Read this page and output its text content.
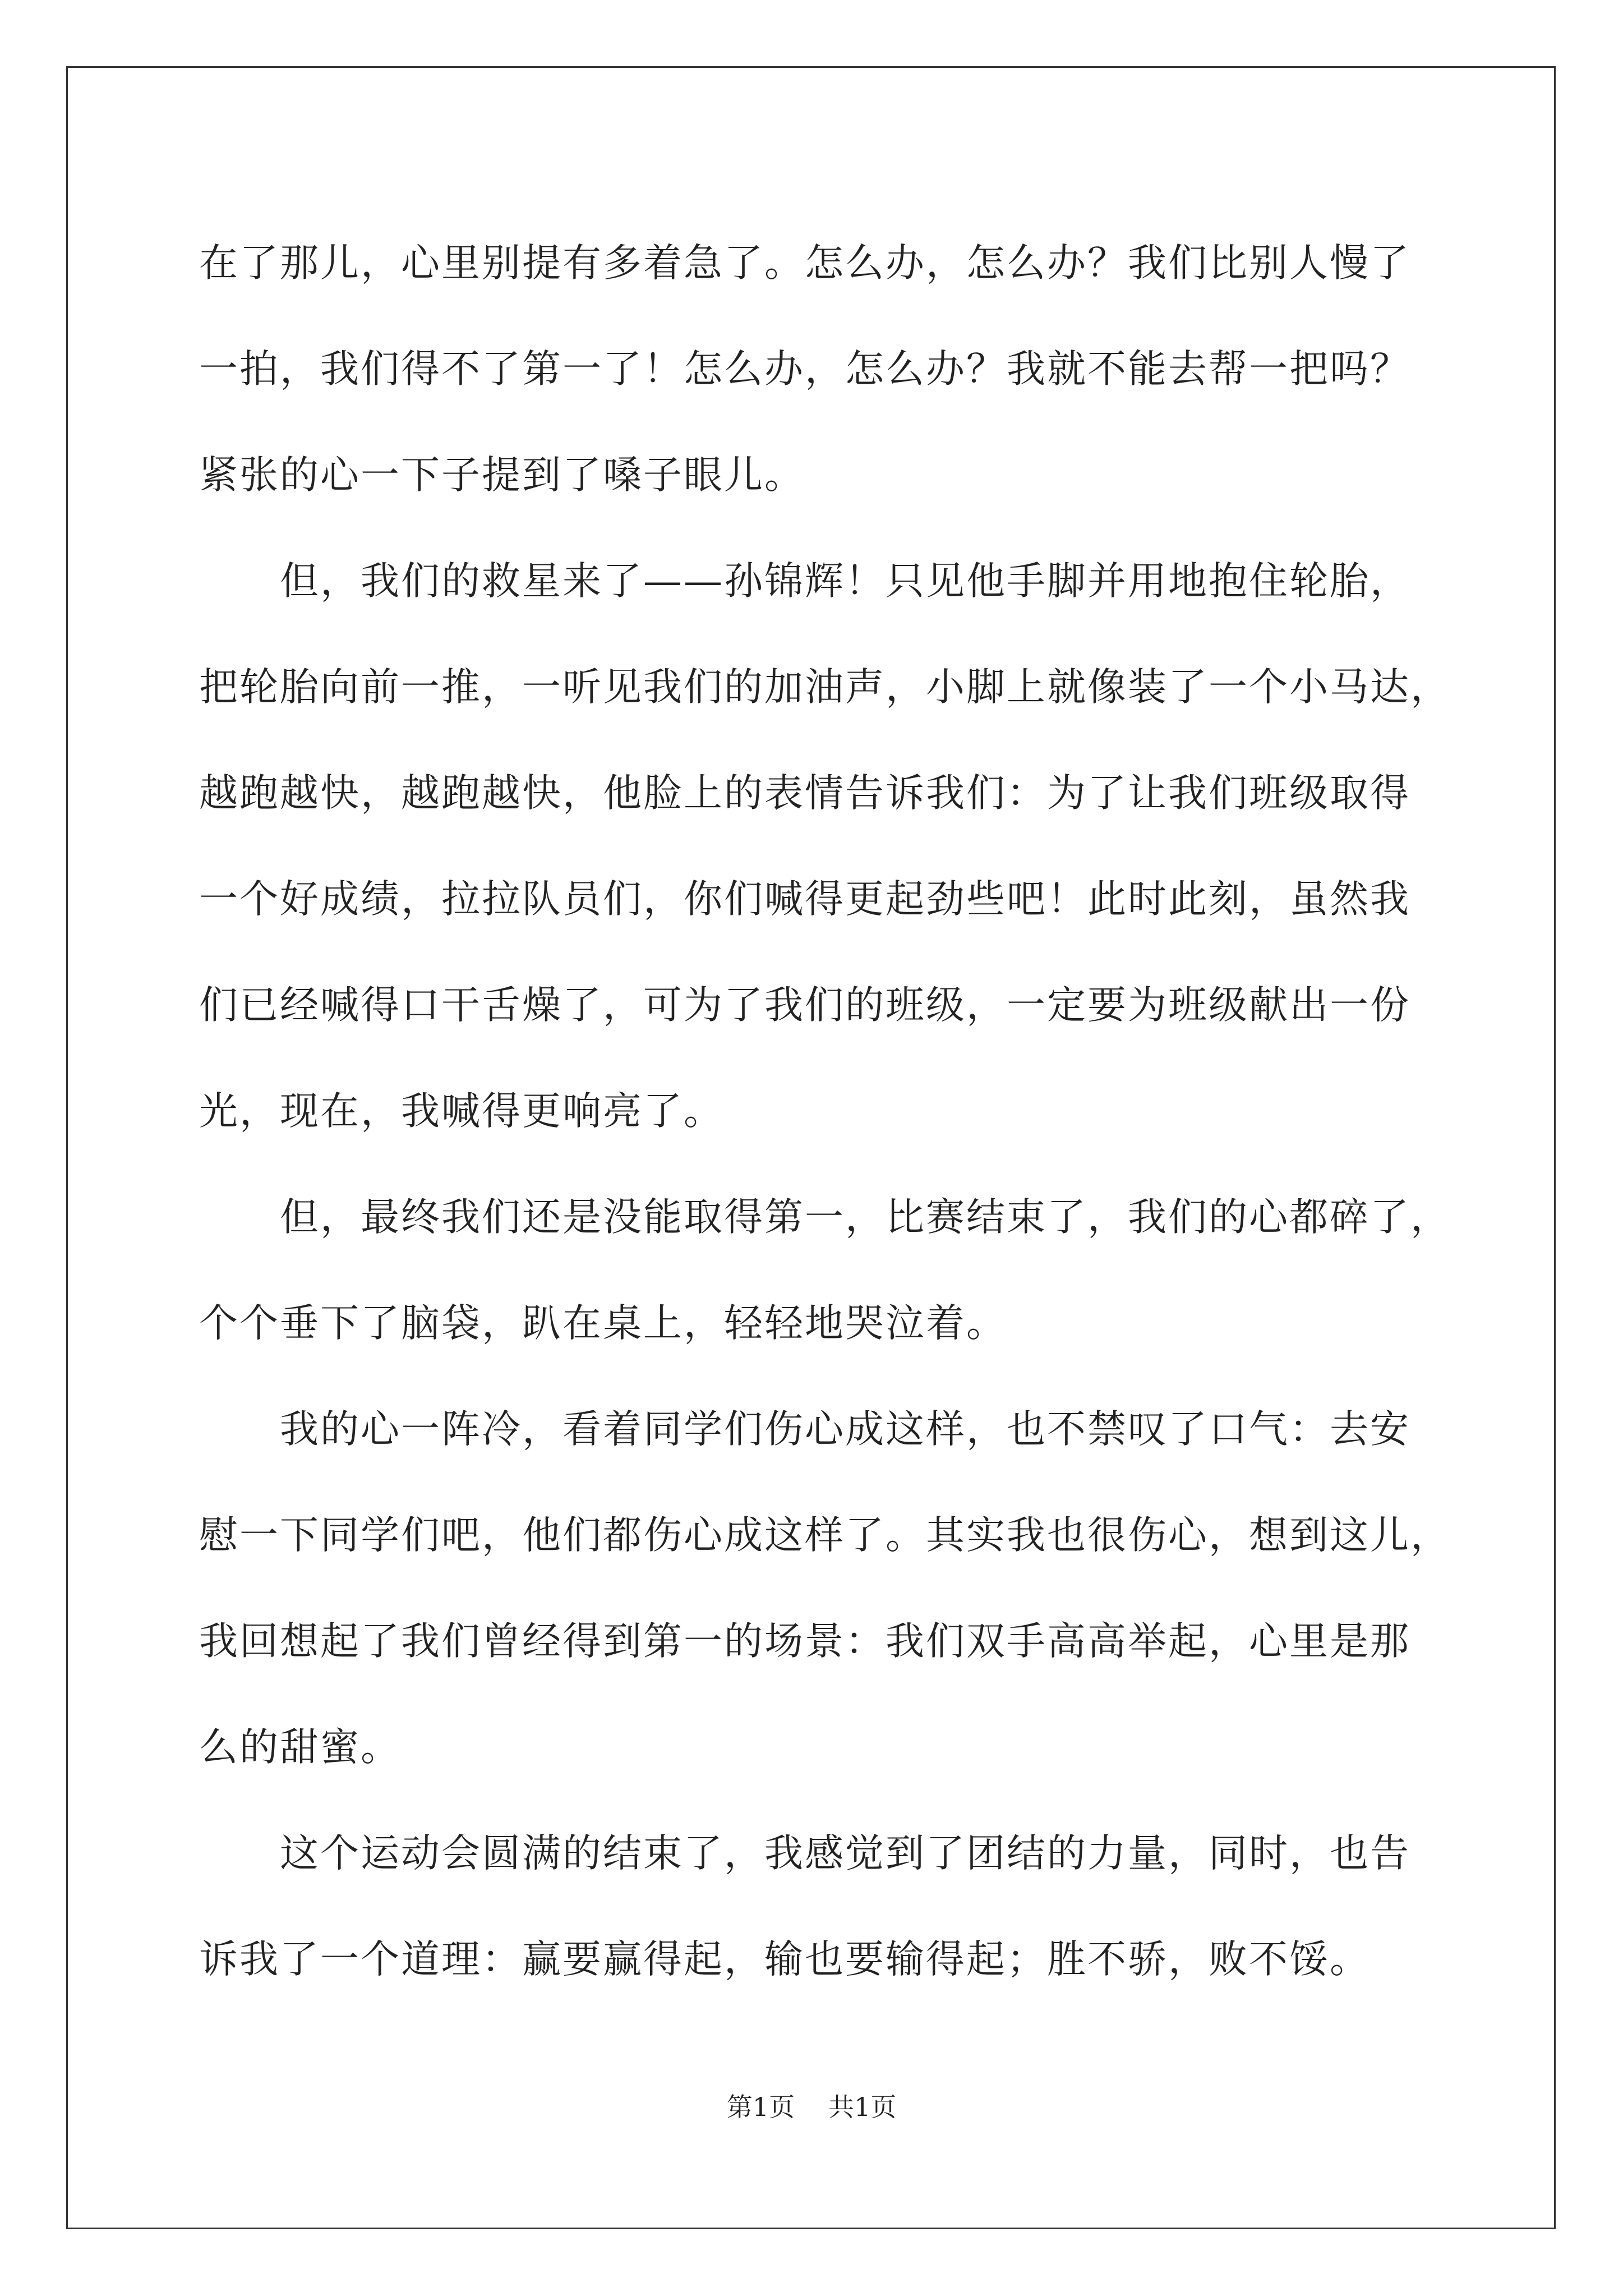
在了那儿，心里别提有多着急了。怎么办，怎么办？我们比别人慢了
一拍，我们得不了第一了！怎么办，怎么办？我就不能去帮一把吗？
紧张的心一下子提到了嗓子眼儿。
　　但，我们的救星来了——孙锦辉！只见他手脚并用地抱住轮胎，
把轮胎向前一推，一听见我们的加油声，小脚上就像装了一个小马达，
越跑越快，越跑越快，他脸上的表情告诉我们：为了让我们班级取得
一个好成绩，拉拉队员们，你们喊得更起劲些吧！此时此刻，虽然我
们已经喊得口干舌燥了，可为了我们的班级，一定要为班级献出一份
光，现在，我喊得更响亮了。
　　但，最终我们还是没能取得第一，比赛结束了，我们的心都碎了，
个个垂下了脑袋，趴在桌上，轻轻地哭泣着。
　　我的心一阵冷，看着同学们伤心成这样，也不禁叹了口气：去安
慰一下同学们吧，他们都伤心成这样了。其实我也很伤心，想到这儿，
我回想起了我们曾经得到第一的场景：我们双手高高举起，心里是那
么的甜蜜。
　　这个运动会圆满的结束了，我感觉到了团结的力量，同时，也告
诉我了一个道理：赢要赢得起，输也要输得起；胜不骄，败不馁。
第1页 共1页
